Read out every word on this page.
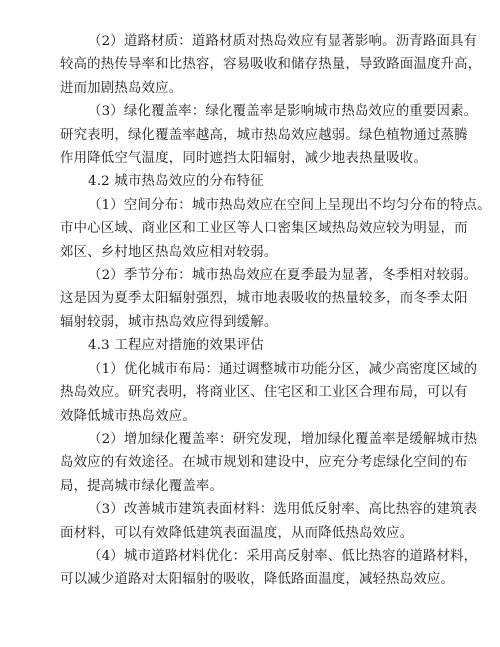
（2）道路材质：道路材质对热岛效应有显著影响。沥青路面具有
较高的热传导率和比热容，容易吸收和储存热量，导致路面温度升高，
进而加剧热岛效应。

（3）绿化覆盖率：绿化覆盖率是影响城市热岛效应的重要因素。
研究表明，绿化覆盖率越高，城市热岛效应越弱。绿色植物通过蒸腾
作用降低空气温度，同时遮挡太阳辐射，减少地表热量吸收。

4.2 城市热岛效应的分布特征

（1）空间分布：城市热岛效应在空间上呈现出不均匀分布的特点。
市中心区域、商业区和工业区等人口密集区域热岛效应较为明显，而
郊区、乡村地区热岛效应相对较弱。

（2）季节分布：城市热岛效应在夏季最为显著，冬季相对较弱。
这是因为夏季太阳辐射强烈，城市地表吸收的热量较多，而冬季太阳
辐射较弱，城市热岛效应得到缓解。

4.3 工程应对措施的效果评估

（1）优化城市布局：通过调整城市功能分区，减少高密度区域的
热岛效应。研究表明，将商业区、住宅区和工业区合理布局，可以有
效降低城市热岛效应。

（2）增加绿化覆盖率：研究发现，增加绿化覆盖率是缓解城市热
岛效应的有效途径。在城市规划和建设中，应充分考虑绿化空间的布
局，提高城市绿化覆盖率。

（3）改善城市建筑表面材料：选用低反射率、高比热容的建筑表
面材料，可以有效降低建筑表面温度，从而降低热岛效应。

（4）城市道路材料优化：采用高反射率、低比热容的道路材料，
可以减少道路对太阳辐射的吸收，降低路面温度，减轻热岛效应。
